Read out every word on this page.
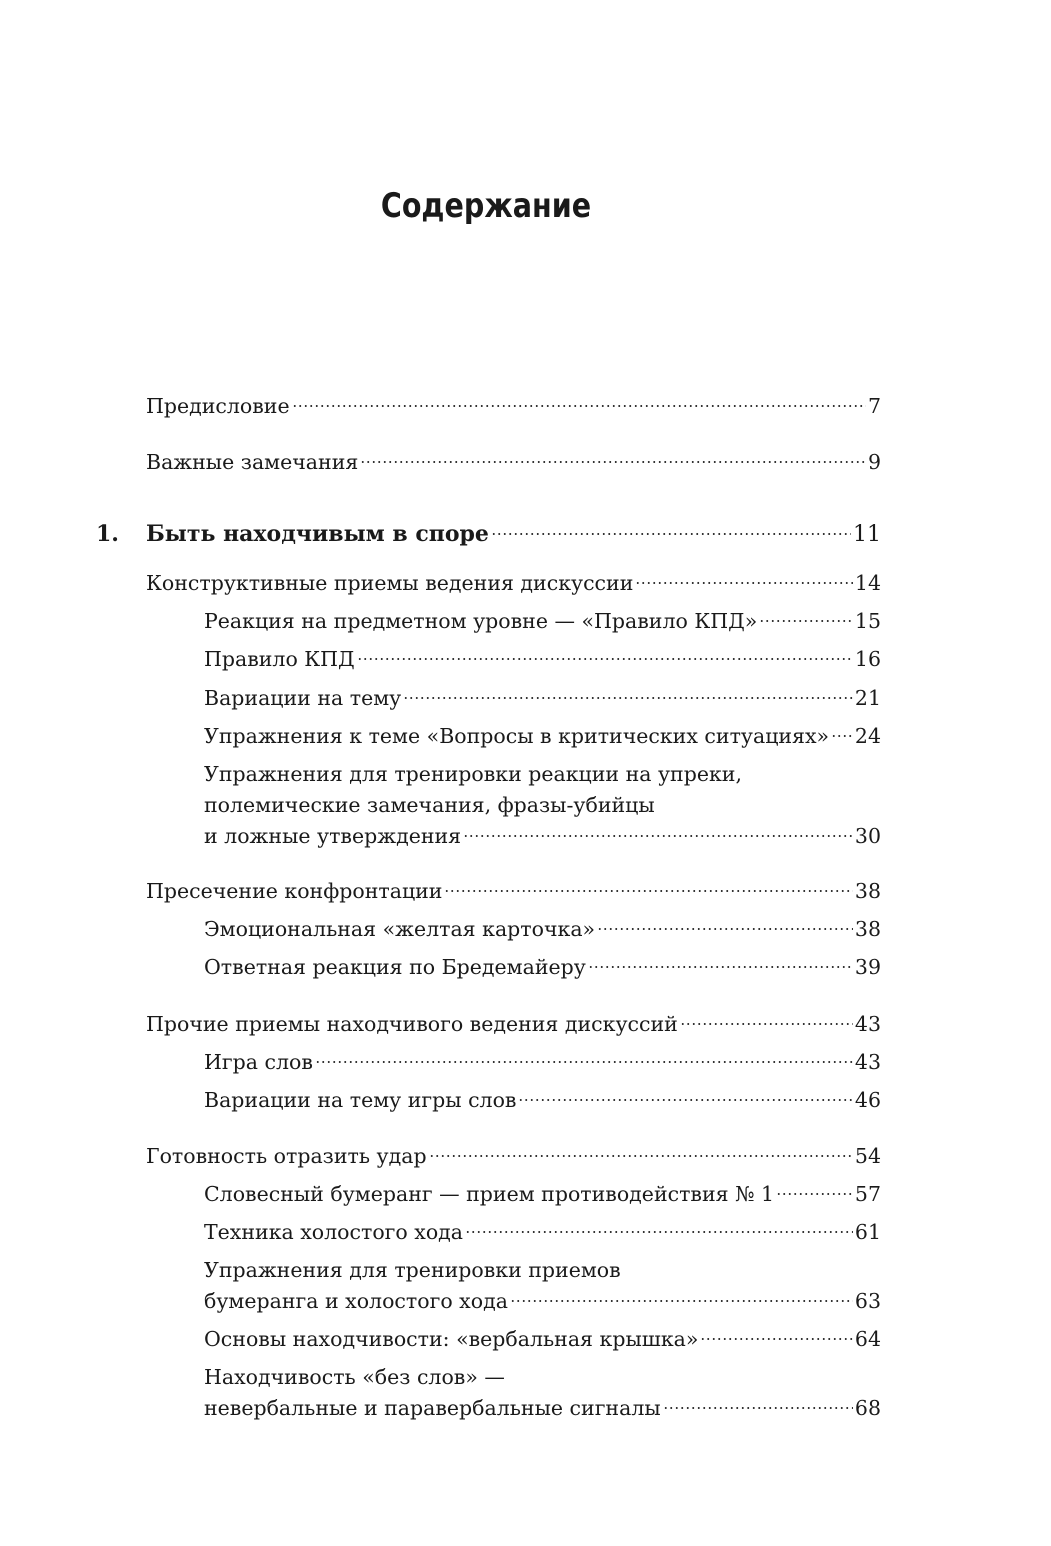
Содержание
Предисловие	7
Важные замечания	9
1. Быть находчивым в споре	11
Конструктивные приемы ведения дискуссии	14
Реакция на предметном уровне — «Правило КПД»	15
Правило КПД	16
Вариации на тему	21
Упражнения к теме «Вопросы в критических ситуациях» 24
Упражнения для тренировки реакции на упреки,
полемические замечания, фразы-убийцы
и ложные утверждения	30
Пресечение конфронтации	38
Эмоциональная «желтая карточка»	38
Ответная реакция по Бредемайеру	39
Прочие приемы находчивого ведения дискуссий	43
Игра слов	43
Вариации на тему игры слов	46
Готовность отразить удар	54
Словесный бумеранг — прием противодействия № 1	57
Техника холостого хода	61
Упражнения для тренировки приемов
бумеранга и холостого хода	63
Основы находчивости: «вербальная крышка»	64
Находчивость «без слов» —
невербальные и паравербальные сигналы	68
